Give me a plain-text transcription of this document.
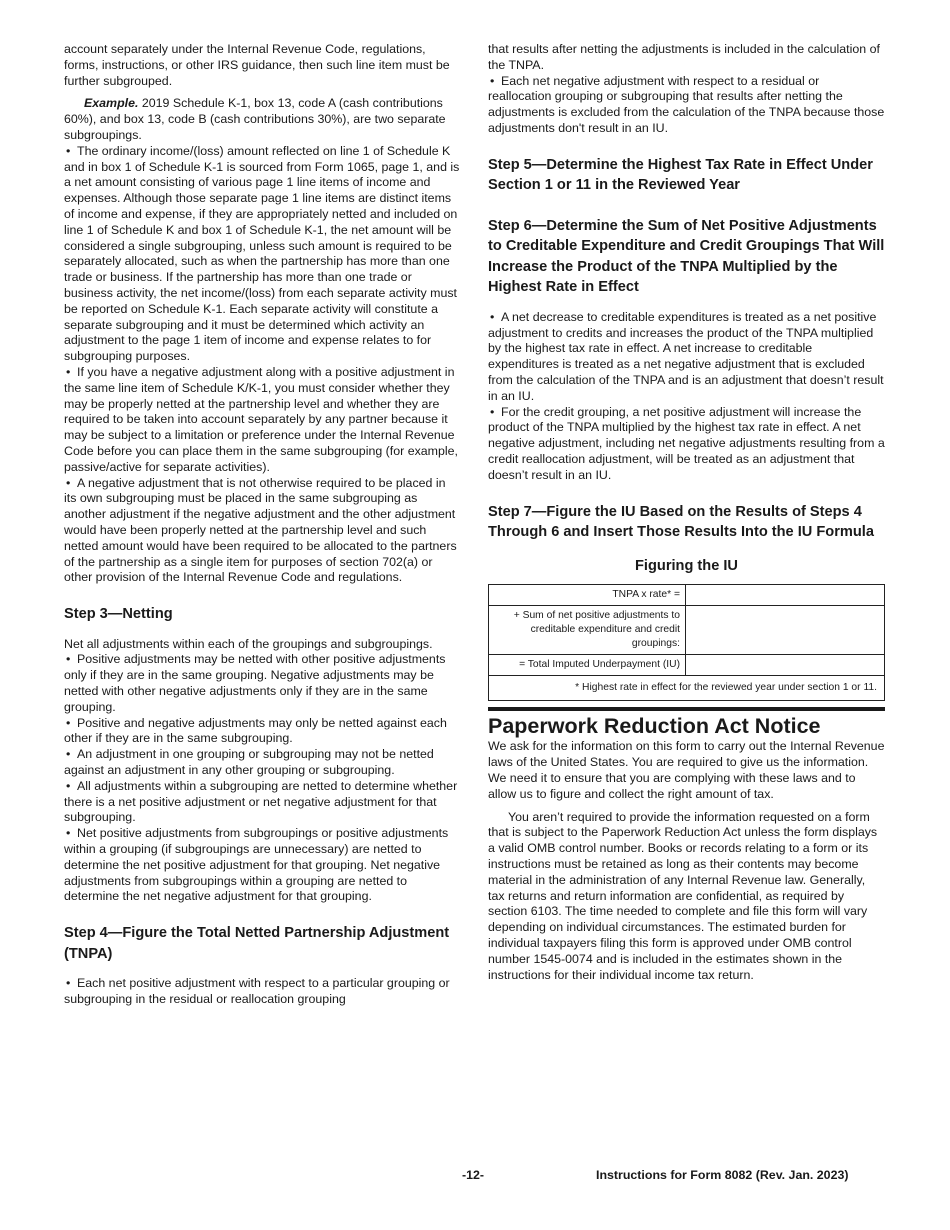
account separately under the Internal Revenue Code, regulations, forms, instructions, or other IRS guidance, then such line item must be further subgrouped.

Example. 2019 Schedule K-1, box 13, code A (cash contributions 60%), and box 13, code B (cash contributions 30%), are two separate subgroupings.

• The ordinary income/(loss) amount reflected on line 1 of Schedule K and in box 1 of Schedule K-1 is sourced from Form 1065, page 1, and is a net amount consisting of various page 1 line items of income and expenses. Although those separate page 1 line items are distinct items of income and expense, if they are appropriately netted and included on line 1 of Schedule K and box 1 of Schedule K-1, the net amount will be considered a single subgrouping, unless such amount is required to be separately allocated, such as when the partnership has more than one trade or business. If the partnership has more than one trade or business activity, the net income/(loss) from each separate activity must be reported on Schedule K-1. Each separate activity will constitute a separate subgrouping and it must be determined which activity an adjustment to the page 1 item of income and expense relates to for subgrouping purposes.

• If you have a negative adjustment along with a positive adjustment in the same line item of Schedule K/K-1, you must consider whether they may be properly netted at the partnership level and whether they are required to be taken into account separately by any partner because it may be subject to a limitation or preference under the Internal Revenue Code before you can place them in the same subgrouping (for example, passive/active for separate activities).

• A negative adjustment that is not otherwise required to be placed in its own subgrouping must be placed in the same subgrouping as another adjustment if the negative adjustment and the other adjustment would have been properly netted at the partnership level and such netted amount would have been required to be allocated to the partners of the partnership as a single item for purposes of section 702(a) or other provision of the Internal Revenue Code and regulations.

Step 3—Netting

Net all adjustments within each of the groupings and subgroupings.

• Positive adjustments may be netted with other positive adjustments only if they are in the same grouping. Negative adjustments may be netted with other negative adjustments only if they are in the same grouping.

• Positive and negative adjustments may only be netted against each other if they are in the same subgrouping.

• An adjustment in one grouping or subgrouping may not be netted against an adjustment in any other grouping or subgrouping.

• All adjustments within a subgrouping are netted to determine whether there is a net positive adjustment or net negative adjustment for that subgrouping.

• Net positive adjustments from subgroupings or positive adjustments within a grouping (if subgroupings are unnecessary) are netted to determine the net positive adjustment for that grouping. Net negative adjustments from subgroupings within a grouping are netted to determine the net negative adjustment for that grouping.

Step 4—Figure the Total Netted Partnership Adjustment (TNPA)

• Each net positive adjustment with respect to a particular grouping or subgrouping in the residual or reallocation grouping

that results after netting the adjustments is included in the calculation of the TNPA.

• Each net negative adjustment with respect to a residual or reallocation grouping or subgrouping that results after netting the adjustments is excluded from the calculation of the TNPA because those adjustments don't result in an IU.

Step 5—Determine the Highest Tax Rate in Effect Under Section 1 or 11 in the Reviewed Year
Step 6—Determine the Sum of Net Positive Adjustments to Creditable Expenditure and Credit Groupings That Will Increase the Product of the TNPA Multiplied by the Highest Rate in Effect

• A net decrease to creditable expenditures is treated as a net positive adjustment to credits and increases the product of the TNPA multiplied by the highest tax rate in effect. A net increase to creditable expenditures is treated as a net negative adjustment that is excluded from the calculation of the TNPA and is an adjustment that doesn’t result in an IU.

• For the credit grouping, a net positive adjustment will increase the product of the TNPA multiplied by the highest tax rate in effect. A net negative adjustment, including net negative adjustments resulting from a credit reallocation adjustment, will be treated as an adjustment that doesn’t result in an IU.

Step 7—Figure the IU Based on the Results of Steps 4 Through 6 and Insert Those Results Into the IU Formula
Figuring the IU
TNPA x rate* =	
+ Sum of net positive adjustments to creditable expenditure and credit groupings:	
= Total Imputed Underpayment (IU)	
* Highest rate in effect for the reviewed year under section 1 or 11.	
Paperwork Reduction Act Notice

We ask for the information on this form to carry out the Internal Revenue laws of the United States. You are required to give us the information. We need it to ensure that you are complying with these laws and to allow us to figure and collect the right amount of tax.

You aren’t required to provide the information requested on a form that is subject to the Paperwork Reduction Act unless the form displays a valid OMB control number. Books or records relating to a form or its instructions must be retained as long as their contents may become material in the administration of any Internal Revenue law. Generally, tax returns and return information are confidential, as required by section 6103. The time needed to complete and file this form will vary depending on individual circumstances. The estimated burden for individual taxpayers filing this form is approved under OMB control number 1545-0074 and is included in the estimates shown in the instructions for their individual income tax return.

-12-	Instructions for Form 8082 (Rev. Jan. 2023)
